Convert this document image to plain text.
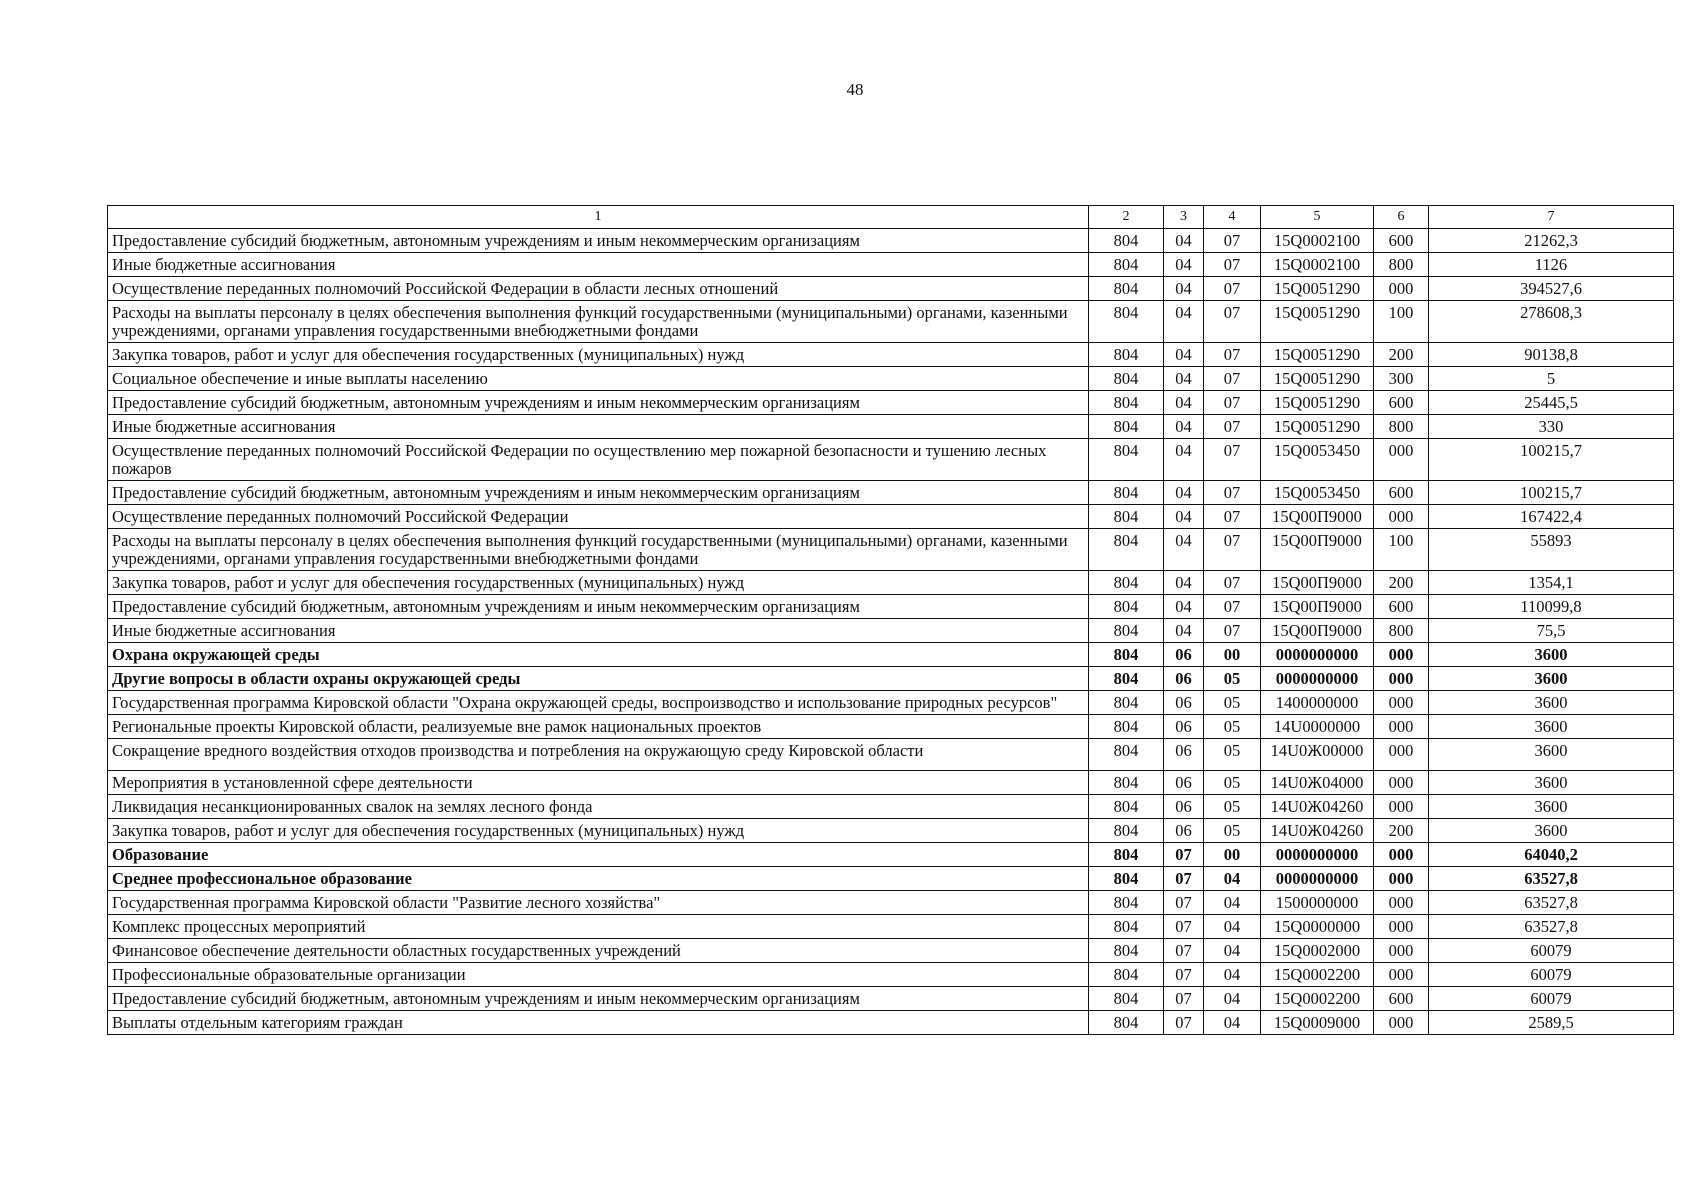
48
1	2	3	4	5	6	7
Предоставление субсидий бюджетным, автономным учреждениям и иным некоммерческим организациям	804	04	07	15Q0002100	600	21262,3
Иные бюджетные ассигнования	804	04	07	15Q0002100	800	1126
Осуществление переданных полномочий Российской Федерации в области лесных отношений	804	04	07	15Q0051290	000	394527,6
Расходы на выплаты персоналу в целях обеспечения выполнения функций государственными (муниципальными) органами, казенными учреждениями, органами управления государственными внебюджетными фондами	804	04	07	15Q0051290	100	278608,3
Закупка товаров, работ и услуг для обеспечения государственных (муниципальных) нужд	804	04	07	15Q0051290	200	90138,8
Социальное обеспечение и иные выплаты населению	804	04	07	15Q0051290	300	5
Предоставление субсидий бюджетным, автономным учреждениям и иным некоммерческим организациям	804	04	07	15Q0051290	600	25445,5
Иные бюджетные ассигнования	804	04	07	15Q0051290	800	330
Осуществление переданных полномочий Российской Федерации по осуществлению мер пожарной безопасности и тушению лесных пожаров	804	04	07	15Q0053450	000	100215,7
Предоставление субсидий бюджетным, автономным учреждениям и иным некоммерческим организациям	804	04	07	15Q0053450	600	100215,7
Осуществление переданных полномочий Российской Федерации	804	04	07	15Q00П9000	000	167422,4
Расходы на выплаты персоналу в целях обеспечения выполнения функций государственными (муниципальными) органами, казенными учреждениями, органами управления государственными внебюджетными фондами	804	04	07	15Q00П9000	100	55893
Закупка товаров, работ и услуг для обеспечения государственных (муниципальных) нужд	804	04	07	15Q00П9000	200	1354,1
Предоставление субсидий бюджетным, автономным учреждениям и иным некоммерческим организациям	804	04	07	15Q00П9000	600	110099,8
Иные бюджетные ассигнования	804	04	07	15Q00П9000	800	75,5
Охрана окружающей среды	804	06	00	0000000000	000	3600
Другие вопросы в области охраны окружающей среды	804	06	05	0000000000	000	3600
Государственная программа Кировской области "Охрана окружающей среды, воспроизводство и использование природных ресурсов"	804	06	05	1400000000	000	3600
Региональные проекты Кировской области, реализуемые вне рамок национальных проектов	804	06	05	14U0000000	000	3600
Сокращение вредного воздействия отходов производства и потребления на окружающую среду Кировской области	804	06	05	14U0Ж00000	000	3600
Мероприятия в установленной сфере деятельности	804	06	05	14U0Ж04000	000	3600
Ликвидация несанкционированных свалок на землях лесного фонда	804	06	05	14U0Ж04260	000	3600
Закупка товаров, работ и услуг для обеспечения государственных (муниципальных) нужд	804	06	05	14U0Ж04260	200	3600
Образование	804	07	00	0000000000	000	64040,2
Среднее профессиональное образование	804	07	04	0000000000	000	63527,8
Государственная программа Кировской области "Развитие лесного хозяйства"	804	07	04	1500000000	000	63527,8
Комплекс процессных мероприятий	804	07	04	15Q0000000	000	63527,8
Финансовое обеспечение деятельности областных государственных учреждений	804	07	04	15Q0002000	000	60079
Профессиональные образовательные организации	804	07	04	15Q0002200	000	60079
Предоставление субсидий бюджетным, автономным учреждениям и иным некоммерческим организациям	804	07	04	15Q0002200	600	60079
Выплаты отдельным категориям граждан	804	07	04	15Q0009000	000	2589,5
